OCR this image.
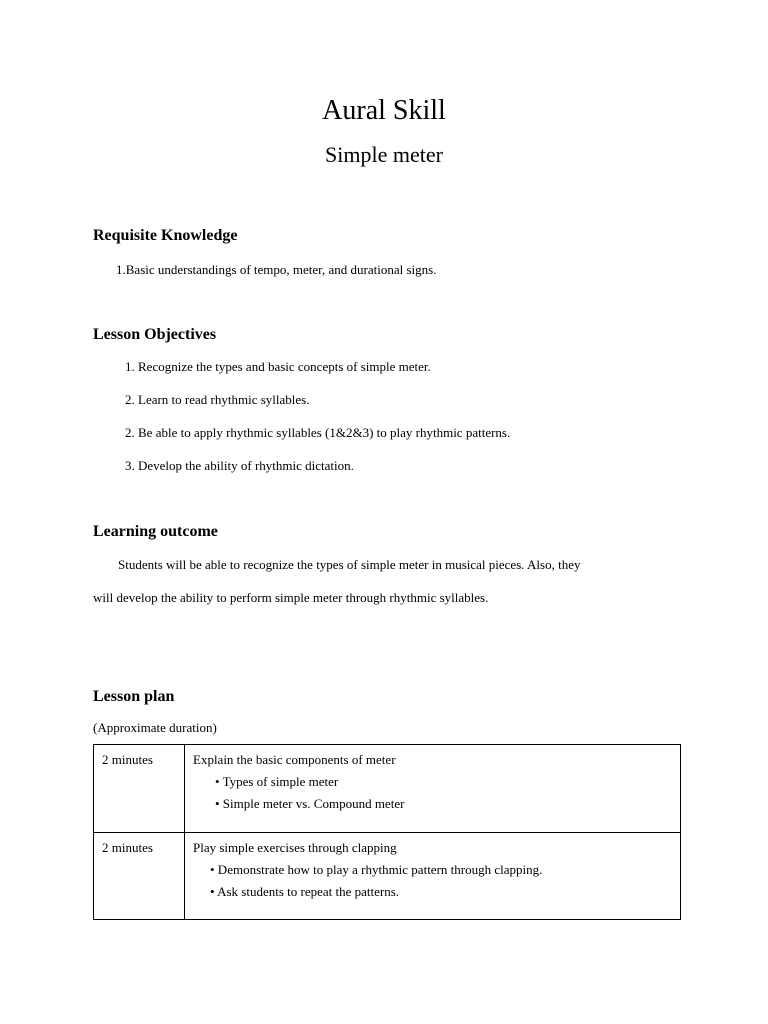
Aural Skill
Simple meter
Requisite Knowledge
1.Basic understandings of tempo, meter, and durational signs.
Lesson Objectives
1. Recognize the types and basic concepts of simple meter.
2. Learn to read rhythmic syllables.
2. Be able to apply rhythmic syllables (1&2&3) to play rhythmic patterns.
3. Develop the ability of rhythmic dictation.
Learning outcome
Students will be able to recognize the types of simple meter in musical pieces. Also, they
will develop the ability to perform simple meter through rhythmic syllables.
Lesson plan
(Approximate duration)
2 minutes	Explain the basic components of meter
• Types of simple meter
• Simple meter vs. Compound meter

2 minutes	Play simple exercises through clapping
• Demonstrate how to play a rhythmic pattern through clapping.
• Ask students to repeat the patterns.
